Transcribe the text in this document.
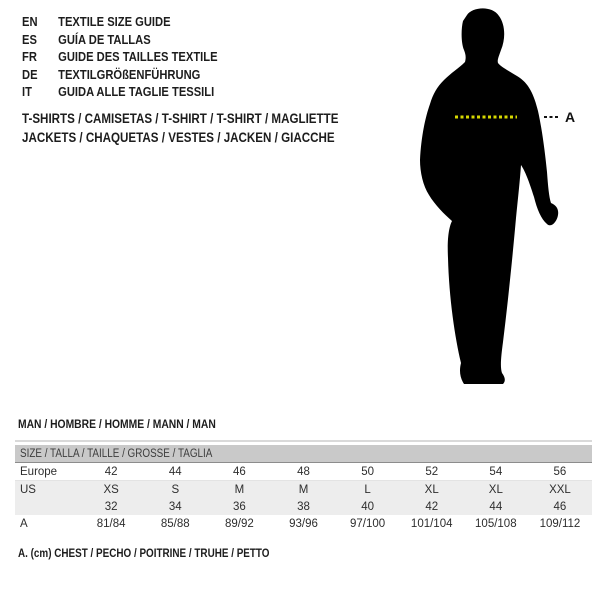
EN	TEXTILE SIZE GUIDE
ES	GUÍA DE TALLAS
FR	GUIDE DES TAILLES TEXTILE
DE	TEXTILGRÖßENFÜHRUNG
IT	GUIDA ALLE TAGLIE TESSILI
T-SHIRTS / CAMISETAS / T-SHIRT / T-SHIRT / MAGLIETTE
JACKETS / CHAQUETAS / VESTES / JACKEN / GIACCHE
A
MAN / HOMBRE / HOMME / MANN / MAN
SIZE / TALLA / TAILLE / GRÖSSE / TAGLIA								

Europe	42	44	46	48	50	52	54	56
US	XS	S	M	M	L	XL	XL	XXL
	32	34	36	38	40	42	44	46
A	81/84	85/88	89/92	93/96	97/100	101/104	105/108	109/112
A. (cm) CHEST / PECHO / POITRINE / TRUHE / PETTO
